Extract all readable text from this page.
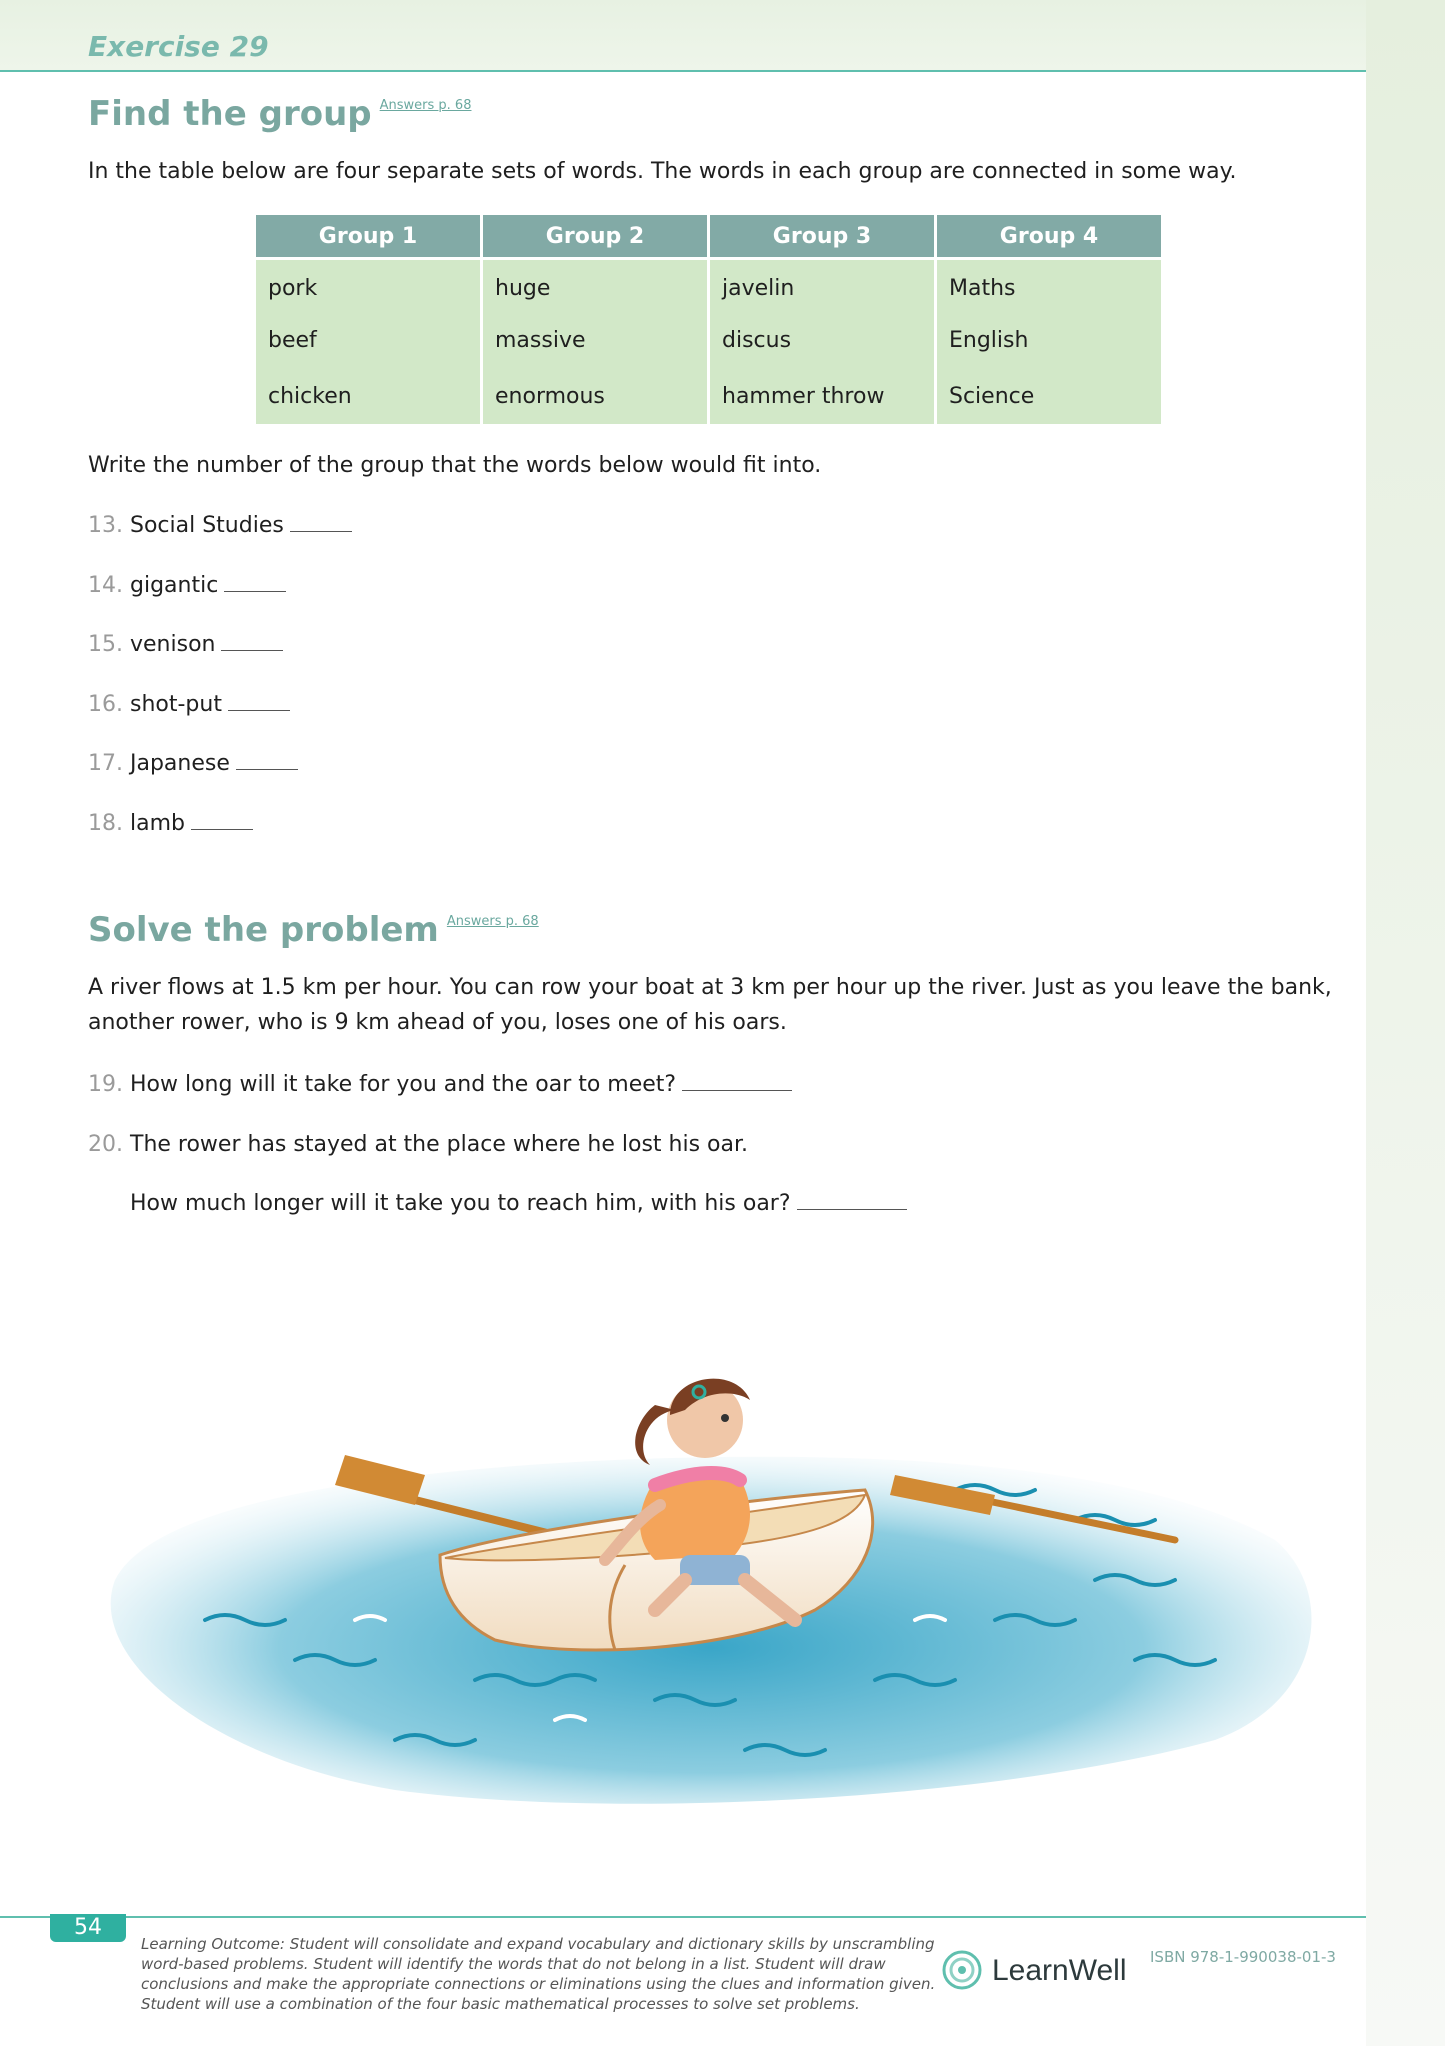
Exercise 29
Find the group $^{Answers p. 68}$

In the table below are four separate sets of words. The words in each group are connected in some way.

Group 1	Group 2	Group 3	Group 4
pork	huge	javelin	Maths
beef	massive	discus	English
chicken	enormous	hammer throw	Science

Write the number of the group that the words below would fit into.

13. Social Studies

14. gigantic

15. venison

16. shot-put

17. Japanese

18. lamb

Solve the problem $^{Answers p. 68}$

A river flows at 1.5 km per hour. You can row your boat at 3 km per hour up the river. Just as you leave the bank,

another rower, who is 9 km ahead of you, loses one of his oars.

19. How long will it take for you and the oar to meet?

20. The rower has stayed at the place where he lost his oar.

How much longer will it take you to reach him, with his oar?

54

Learning Outcome: Student will consolidate and expand vocabulary and dictionary skills by unscrambling word-based problems. Student will identify the words that do not belong in a list. Student will draw conclusions and make the appropriate connections or eliminations using the clues and information given. Student will use a combination of the four basic mathematical processes to solve set problems.

LearnWell ISBN 978-1-990038-01-3
